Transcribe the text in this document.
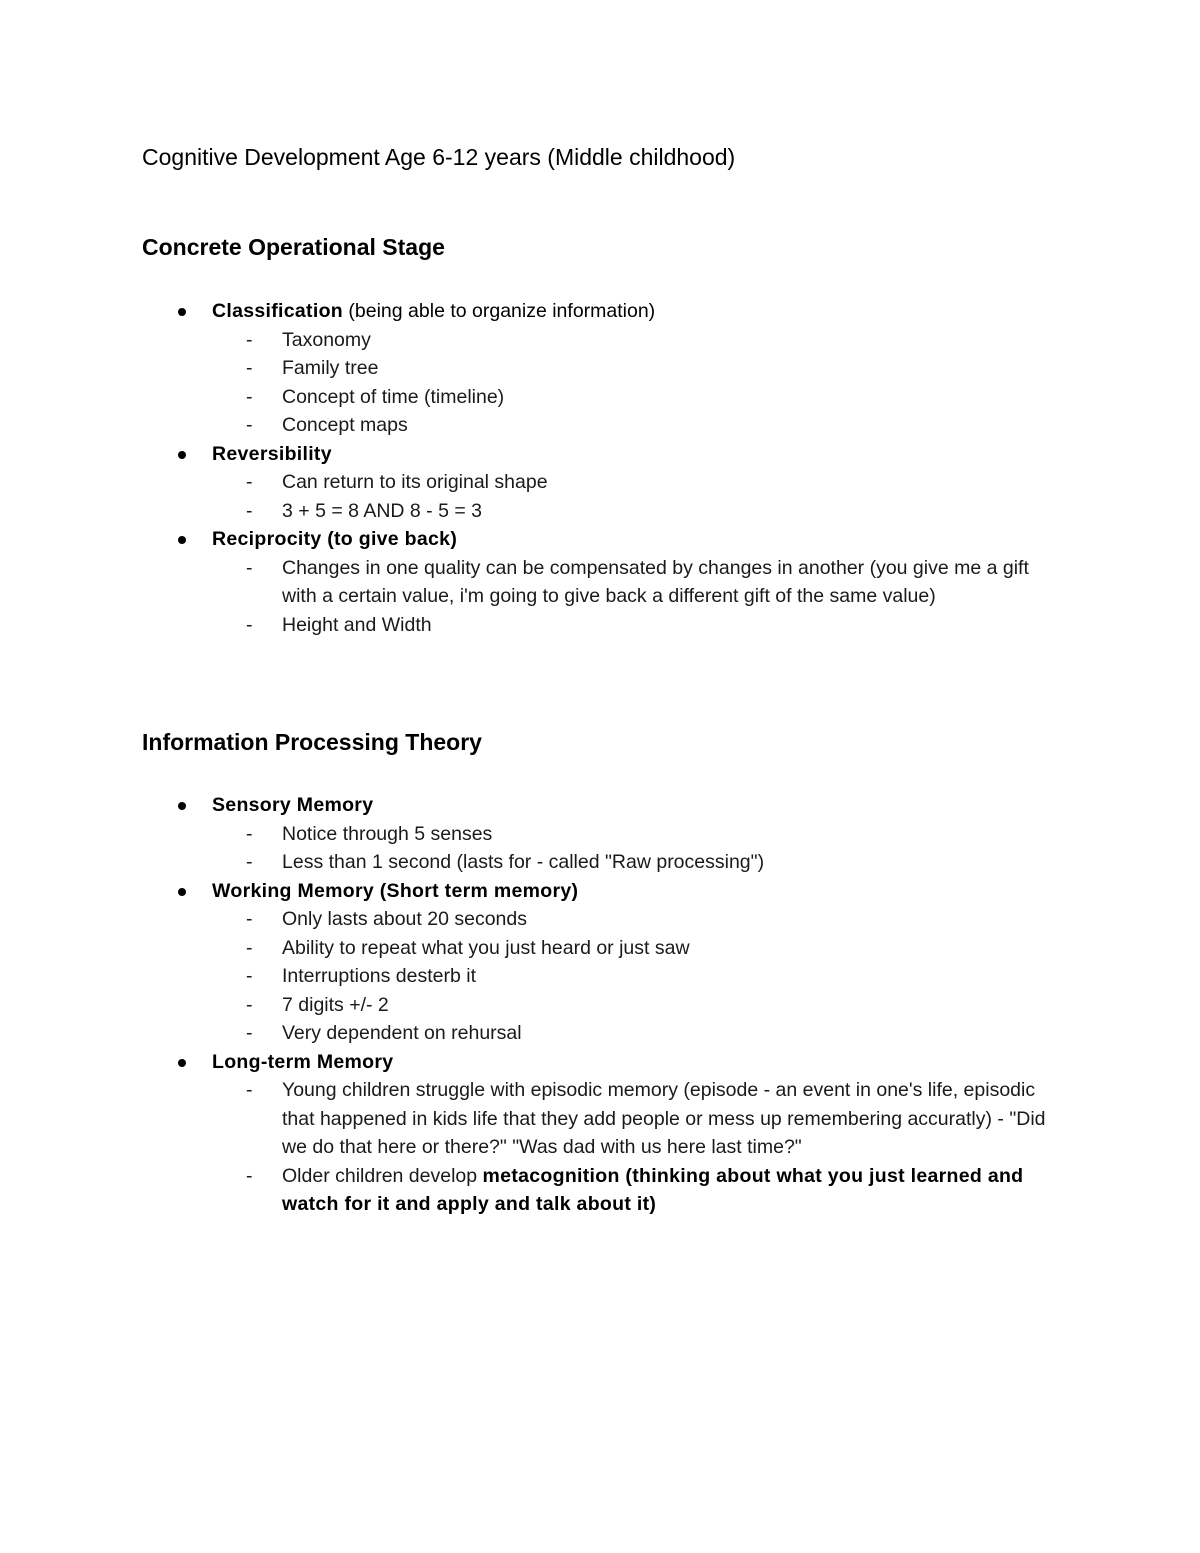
Cognitive Development Age 6-12 years (Middle childhood)
Concrete Operational Stage
Classification (being able to organize information)
- Taxonomy
- Family tree
- Concept of time (timeline)
- Concept maps
Reversibility
- Can return to its original shape
- 3 + 5 = 8 AND 8 - 5 = 3
Reciprocity (to give back)
- Changes in one quality can be compensated by changes in another (you give me a gift with a certain value, i'm going to give back a different gift of the same value)
- Height and Width
Information Processing Theory
Sensory Memory
- Notice through 5 senses
- Less than 1 second (lasts for - called "Raw processing")
Working Memory (Short term memory)
- Only lasts about 20 seconds
- Ability to repeat what you just heard or just saw
- Interruptions desterb it
- 7 digits +/- 2
- Very dependent on rehursal
Long-term Memory
- Young children struggle with episodic memory (episode - an event in one's life, episodic that happened in kids life that they add people or mess up remembering accuratly) - "Did we do that here or there?" "Was dad with us here last time?"
- Older children develop metacognition (thinking about what you just learned and watch for it and apply and talk about it)
